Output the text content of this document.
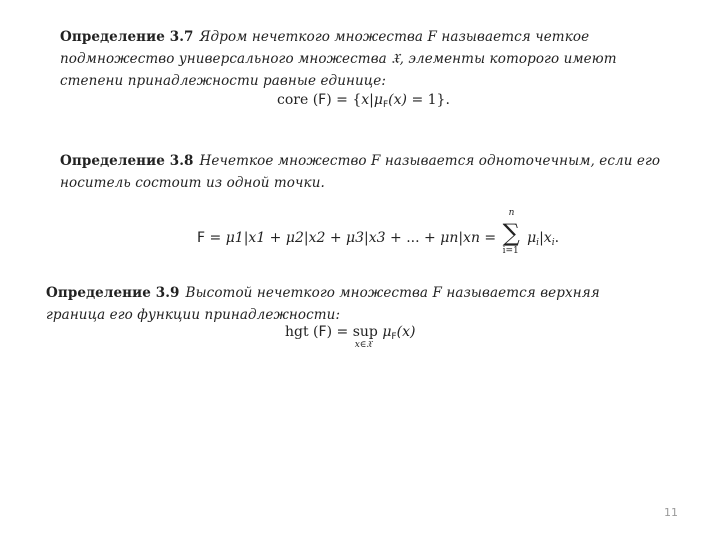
Определение 3.7 Ядром нечеткого множества F называется четкое подмножество универсального множества 𝔛, элементы которого имеют степени принадлежности равные единице:
core $(F) = \{x|\mu_F(x) = 1\}$.
Определение 3.8 Нечеткое множество F называется одноточечным, если его носитель состоит из одной точки.
F = μ1|x1 + μ2|x2 + μ3|x3 + ... + μn|xn =
n
∑
i=1
$\mu_i|x_i$.
Определение 3.9 Высотой нечеткого множества F называется верхняя граница его функции принадлежности:
hgt (F) = sup
x∈𝔛
$\mu_F(x)$
11
